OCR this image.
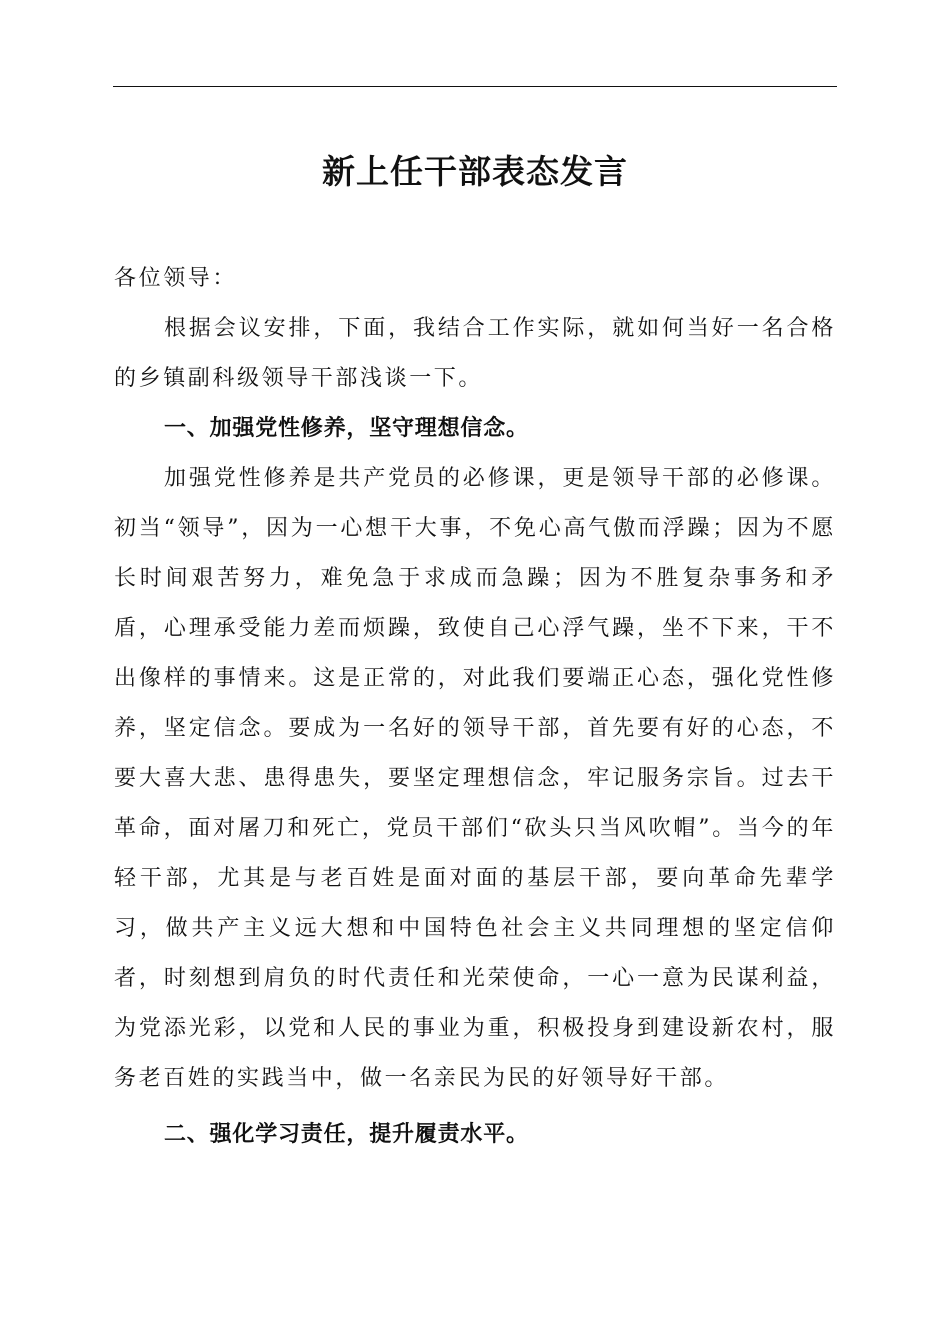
新上任干部表态发言

各位领导：

根据会议安排，下面，我结合工作实际，就如何当好一名合格的乡镇副科级领导干部浅谈一下。

一、加强党性修养，坚守理想信念。

加强党性修养是共产党员的必修课，更是领导干部的必修课。初当“领导”，因为一心想干大事，不免心高气傲而浮躁；因为不愿长时间艰苦努力，难免急于求成而急躁；因为不胜复杂事务和矛盾，心理承受能力差而烦躁，致使自己心浮气躁，坐不下来，干不出像样的事情来。这是正常的，对此我们要端正心态，强化党性修养，坚定信念。要成为一名好的领导干部，首先要有好的心态，不要大喜大悲、患得患失，要坚定理想信念，牢记服务宗旨。过去干革命，面对屠刀和死亡，党员干部们“砍头只当风吹帽”。当今的年轻干部，尤其是与老百姓是面对面的基层干部，要向革命先辈学习，做共产主义远大想和中国特色社会主义共同理想的坚定信仰者，时刻想到肩负的时代责任和光荣使命，一心一意为民谋利益，为党添光彩，以党和人民的事业为重，积极投身到建设新农村，服务老百姓的实践当中，做一名亲民为民的好领导好干部。

二、强化学习责任，提升履责水平。
